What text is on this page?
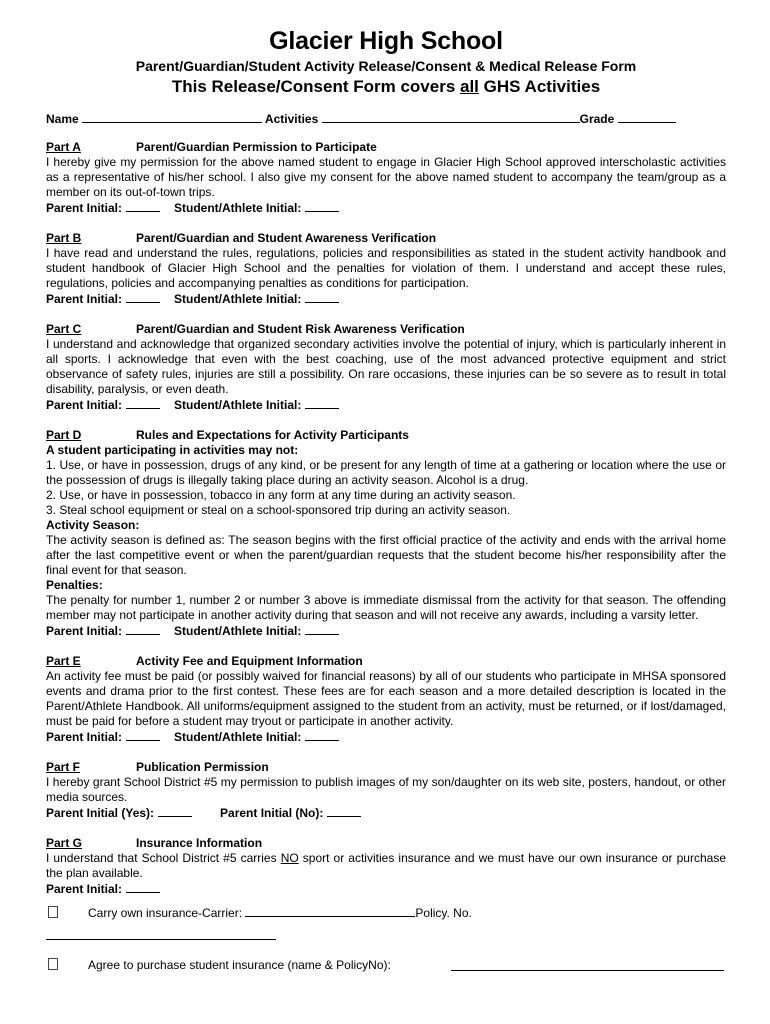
Glacier High School
Parent/Guardian/Student Activity Release/Consent & Medical Release Form
This Release/Consent Form covers all GHS Activities
Name	Activities	Grade
Part A	Parent/Guardian Permission to Participate
I hereby give my permission for the above named student to engage in Glacier High School approved interscholastic activities as a representative of his/her school. I also give my consent for the above named student to accompany the team/group as a member on its out-of-town trips.
Parent Initial:	Student/Athlete Initial:
Part B	Parent/Guardian and Student Awareness Verification
I have read and understand the rules, regulations, policies and responsibilities as stated in the student activity handbook and student handbook of Glacier High School and the penalties for violation of them. I understand and accept these rules, regulations, policies and accompanying penalties as conditions for participation.
Parent Initial:	Student/Athlete Initial:
Part C	Parent/Guardian and Student Risk Awareness Verification
I understand and acknowledge that organized secondary activities involve the potential of injury, which is particularly inherent in all sports. I acknowledge that even with the best coaching, use of the most advanced protective equipment and strict observance of safety rules, injuries are still a possibility. On rare occasions, these injuries can be so severe as to result in total disability, paralysis, or even death.
Parent Initial:	Student/Athlete Initial:
Part D	Rules and Expectations for Activity Participants
A student participating in activities may not:
1. Use, or have in possession, drugs of any kind, or be present for any length of time at a gathering or location where the use or the possession of drugs is illegally taking place during an activity season. Alcohol is a drug.
2. Use, or have in possession, tobacco in any form at any time during an activity season.
3. Steal school equipment or steal on a school-sponsored trip during an activity season.
Activity Season:
The activity season is defined as: The season begins with the first official practice of the activity and ends with the arrival home after the last competitive event or when the parent/guardian requests that the student become his/her responsibility after the final event for that season.
Penalties:
The penalty for number 1, number 2 or number 3 above is immediate dismissal from the activity for that season. The offending member may not participate in another activity during that season and will not receive any awards, including a varsity letter.
Parent Initial:	Student/Athlete Initial:
Part E	Activity Fee and Equipment Information
An activity fee must be paid (or possibly waived for financial reasons) by all of our students who participate in MHSA sponsored events and drama prior to the first contest. These fees are for each season and a more detailed description is located in the Parent/Athlete Handbook. All uniforms/equipment assigned to the student from an activity, must be returned, or if lost/damaged, must be paid for before a student may tryout or participate in another activity.
Parent Initial:	Student/Athlete Initial:
Part F	Publication Permission
I hereby grant School District #5 my permission to publish images of my son/daughter on its web site, posters, handout, or other media sources.
Parent Initial (Yes):	Parent Initial (No):
Part G	Insurance Information
I understand that School District #5 carries NO sport or activities insurance and we must have our own insurance or purchase the plan available.
Parent Initial:
Carry own insurance-Carrier:	Policy. No.
Agree to purchase student insurance (name & PolicyNo):
